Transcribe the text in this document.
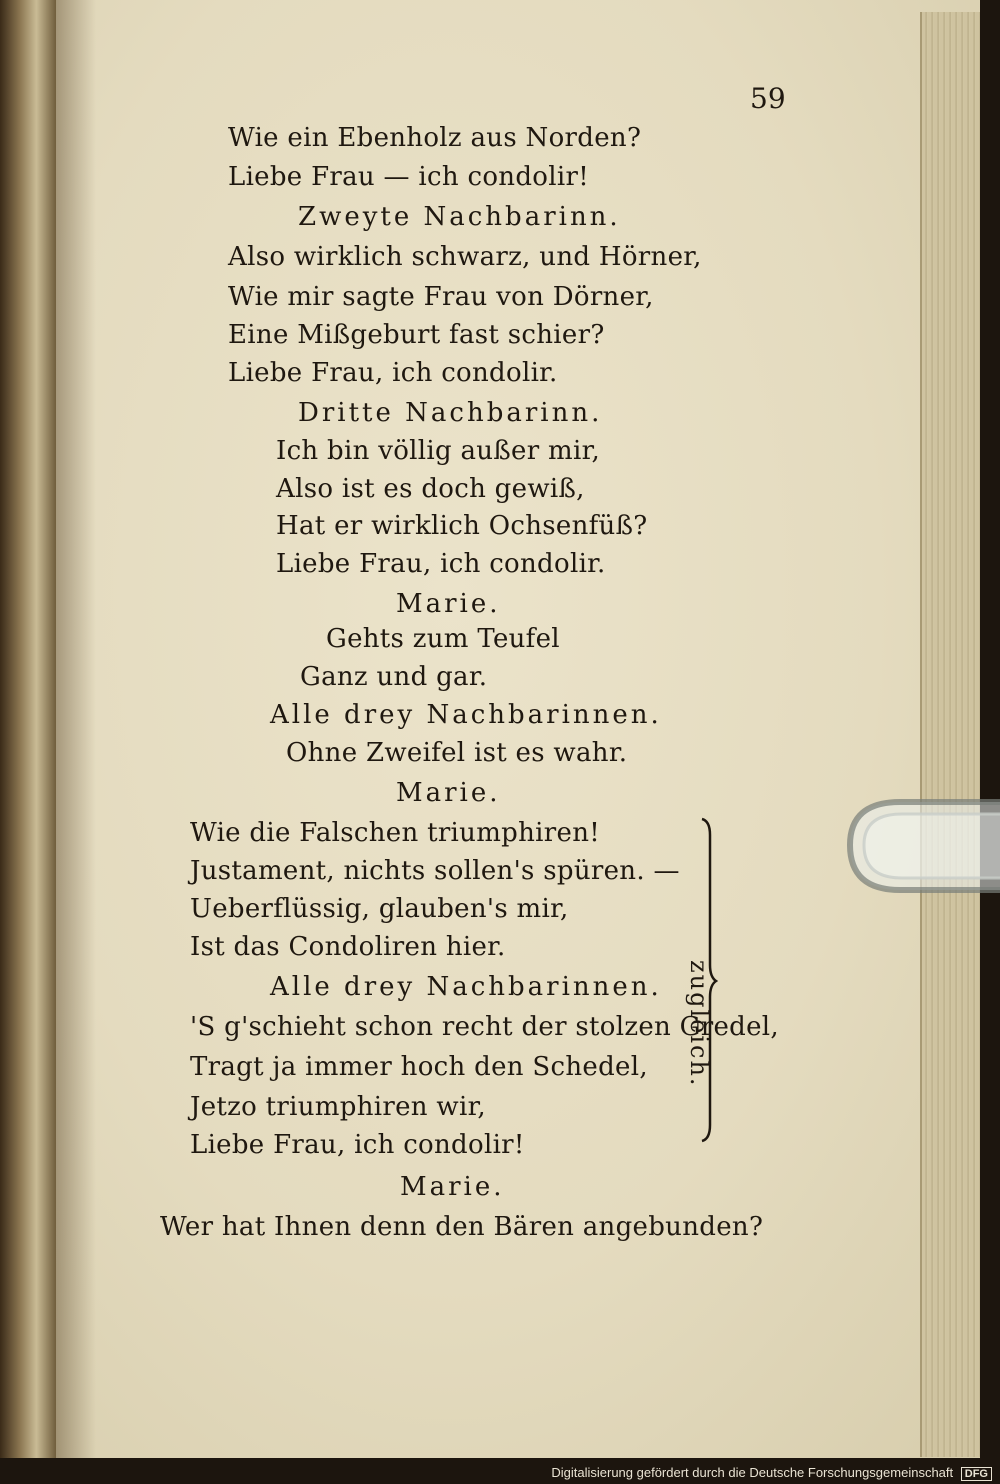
59
Wie ein Ebenholz aus Norden?
Liebe Frau — ich condolir!
Zweyte Nachbarinn.
Also wirklich schwarz, und Hörner,
Wie mir sagte Frau von Dörner,
Eine Mißgeburt fast schier?
Liebe Frau, ich condolir.
Dritte Nachbarinn.
Ich bin völlig außer mir,
Also ist es doch gewiß,
Hat er wirklich Ochsenfüß?
Liebe Frau, ich condolir.
Marie.
Gehts zum Teufel
Ganz und gar.
Alle drey Nachbarinnen.
Ohne Zweifel ist es wahr.
Marie.
Wie die Falschen triumphiren!
Justament, nichts sollen's spüren. —
Ueberflüssig, glauben's mir,
Ist das Condoliren hier.
Alle drey Nachbarinnen.
'S g'schieht schon recht der stolzen Gredel,
Tragt ja immer hoch den Schedel,
Jetzo triumphiren wir,
Liebe Frau, ich condolir!
Marie.
Wer hat Ihnen denn den Bären angebunden?
zugleich.
Digitalisierung gefördert durch die Deutsche Forschungsgemeinschaft DFG
